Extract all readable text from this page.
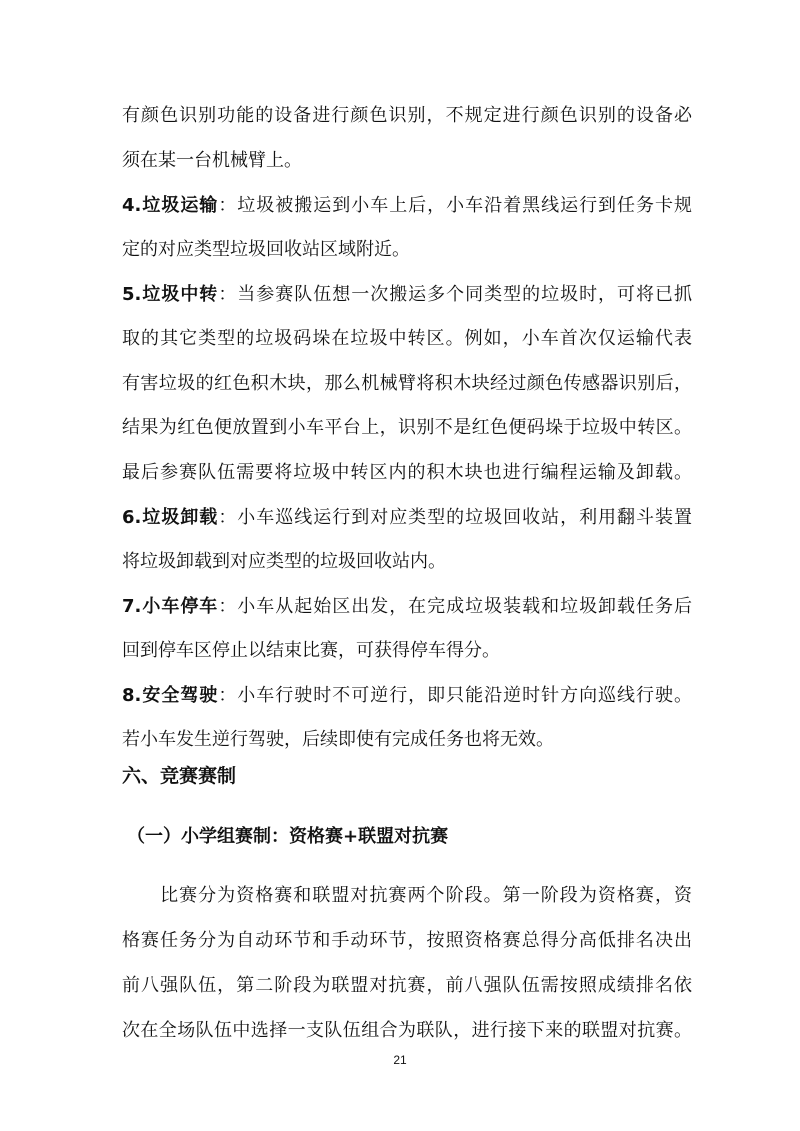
有颜色识别功能的设备进行颜色识别，不规定进行颜色识别的设备必
须在某一台机械臂上。
4.垃圾运输：垃圾被搬运到小车上后，小车沿着黑线运行到任务卡规
定的对应类型垃圾回收站区域附近。
5.垃圾中转：当参赛队伍想一次搬运多个同类型的垃圾时，可将已抓
取的其它类型的垃圾码垛在垃圾中转区。例如，小车首次仅运输代表
有害垃圾的红色积木块，那么机械臂将积木块经过颜色传感器识别后，
结果为红色便放置到小车平台上，识别不是红色便码垛于垃圾中转区。
最后参赛队伍需要将垃圾中转区内的积木块也进行编程运输及卸载。
6.垃圾卸载：小车巡线运行到对应类型的垃圾回收站，利用翻斗装置
将垃圾卸载到对应类型的垃圾回收站内。
7.小车停车：小车从起始区出发，在完成垃圾装载和垃圾卸载任务后
回到停车区停止以结束比赛，可获得停车得分。
8.安全驾驶：小车行驶时不可逆行，即只能沿逆时针方向巡线行驶。
若小车发生逆行驾驶，后续即使有完成任务也将无效。
六、竞赛赛制
（一）小学组赛制：资格赛+联盟对抗赛
　　比赛分为资格赛和联盟对抗赛两个阶段。第一阶段为资格赛，资
格赛任务分为自动环节和手动环节，按照资格赛总得分高低排名决出
前八强队伍，第二阶段为联盟对抗赛，前八强队伍需按照成绩排名依
21
次在全场队伍中选择一支队伍组合为联队，进行接下来的联盟对抗赛。
